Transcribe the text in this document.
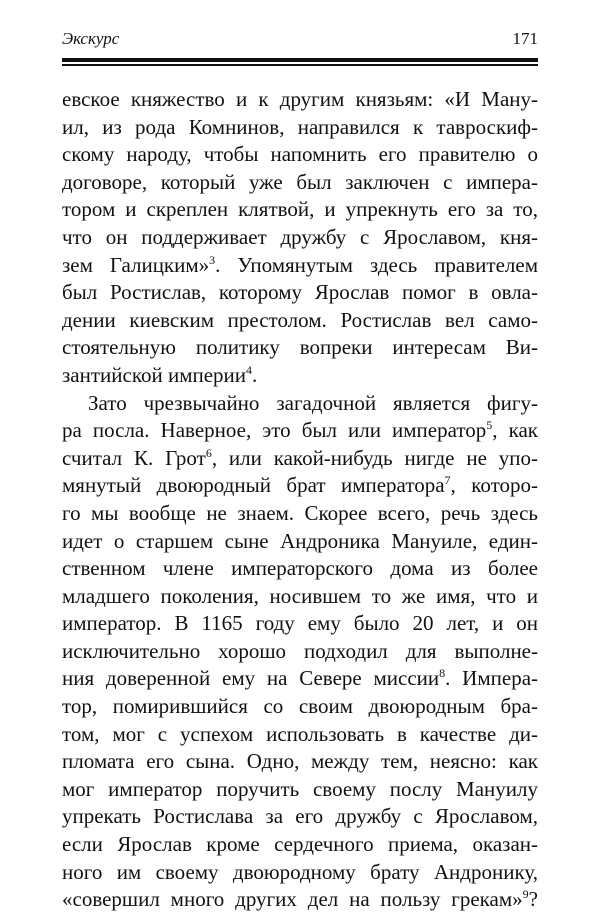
Экскурс	171
евское княжество и к другим князьям: «И Ману-
ил, из рода Комнинов, направился к тавроскиф-
скому народу, чтобы напомнить его правителю о
договоре, который уже был заключен с импера-
тором и скреплен клятвой, и упрекнуть его за то,
что он поддерживает дружбу с Ярославом, кня-
зем Галицким»$^3$. Упомянутым здесь правителем
был Ростислав, которому Ярослав помог в овла-
дении киевским престолом. Ростислав вел само-
стоятельную политику вопреки интересам Ви-
зантийской империи$^4$.
Зато чрезвычайно загадочной является фигу-
ра посла. Наверное, это был или император$^5$, как
считал К. Грот$^6$, или какой-нибудь нигде не упо-
мянутый двоюродный брат императора$^7$, которо-
го мы вообще не знаем. Скорее всего, речь здесь
идет о старшем сыне Андроника Мануиле, един-
ственном члене императорского дома из более
младшего поколения, носившем то же имя, что и
император. В 1165 году ему было 20 лет, и он
исключительно хорошо подходил для выполне-
ния доверенной ему на Севере миссии$^8$. Импера-
тор, помирившийся со своим двоюродным бра-
том, мог с успехом использовать в качестве ди-
пломата его сына. Одно, между тем, неясно: как
мог император поручить своему послу Мануилу
упрекать Ростислава за его дружбу с Ярославом,
если Ярослав кроме сердечного приема, оказан-
ного им своему двоюродному брату Андронику,
«совершил много других дел на пользу грекам»$^9$?
